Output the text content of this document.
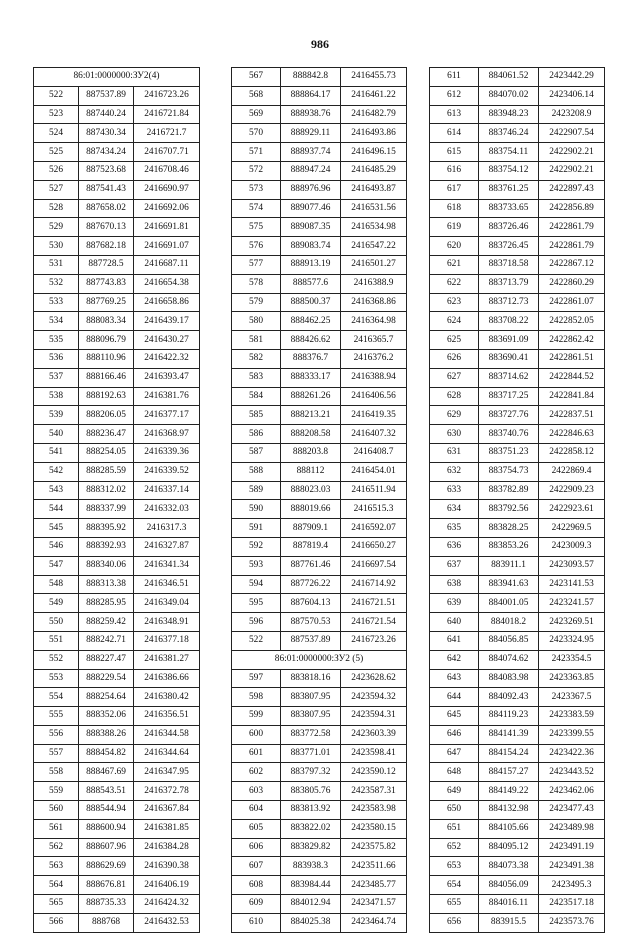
986
86:01:0000000:ЗУ2(4)		
522	887537.89	2416723.26
523	887440.24	2416721.84
524	887430.34	2416721.7
525	887434.24	2416707.71
526	887523.68	2416708.46
527	887541.43	2416690.97
528	887658.02	2416692.06
529	887670.13	2416691.81
530	887682.18	2416691.07
531	887728.5	2416687.11
532	887743.83	2416654.38
533	887769.25	2416658.86
534	888083.34	2416439.17
535	888096.79	2416430.27
536	888110.96	2416422.32
537	888166.46	2416393.47
538	888192.63	2416381.76
539	888206.05	2416377.17
540	888236.47	2416368.97
541	888254.05	2416339.36
542	888285.59	2416339.52
543	888312.02	2416337.14
544	888337.99	2416332.03
545	888395.92	2416317.3
546	888392.93	2416327.87
547	888340.06	2416341.34
548	888313.38	2416346.51
549	888285.95	2416349.04
550	888259.42	2416348.91
551	888242.71	2416377.18
552	888227.47	2416381.27
553	888229.54	2416386.66
554	888254.64	2416380.42
555	888352.06	2416356.51
556	888388.26	2416344.58
557	888454.82	2416344.64
558	888467.69	2416347.95
559	888543.51	2416372.78
560	888544.94	2416367.84
561	888600.94	2416381.85
562	888607.96	2416384.28
563	888629.69	2416390.38
564	888676.81	2416406.19
565	888735.33	2416424.32
566	888768	2416432.53
567	888842.8	2416455.73
568	888864.17	2416461.22
569	888938.76	2416482.79
570	888929.11	2416493.86
571	888937.74	2416496.15
572	888947.24	2416485.29
573	888976.96	2416493.87
574	889077.46	2416531.56
575	889087.35	2416534.98
576	889083.74	2416547.22
577	888913.19	2416501.27
578	888577.6	2416388.9
579	888500.37	2416368.86
580	888462.25	2416364.98
581	888426.62	2416365.7
582	888376.7	2416376.2
583	888333.17	2416388.94
584	888261.26	2416406.56
585	888213.21	2416419.35
586	888208.58	2416407.32
587	888203.8	2416408.7
588	888112	2416454.01
589	888023.03	2416511.94
590	888019.66	2416515.3
591	887909.1	2416592.07
592	887819.4	2416650.27
593	887761.46	2416697.54
594	887726.22	2416714.92
595	887604.13	2416721.51
596	887570.53	2416721.54
522	887537.89	2416723.26
86:01:0000000:ЗУ2 (5)		
597	883818.16	2423628.62
598	883807.95	2423594.32
599	883807.95	2423594.31
600	883772.58	2423603.39
601	883771.01	2423598.41
602	883797.32	2423590.12
603	883805.76	2423587.31
604	883813.92	2423583.98
605	883822.02	2423580.15
606	883829.82	2423575.82
607	883938.3	2423511.66
608	883984.44	2423485.77
609	884012.94	2423471.57
610	884025.38	2423464.74
611	884061.52	2423442.29
612	884070.02	2423406.14
613	883948.23	2423208.9
614	883746.24	2422907.54
615	883754.11	2422902.21
616	883754.12	2422902.21
617	883761.25	2422897.43
618	883733.65	2422856.89
619	883726.46	2422861.79
620	883726.45	2422861.79
621	883718.58	2422867.12
622	883713.79	2422860.29
623	883712.73	2422861.07
624	883708.22	2422852.05
625	883691.09	2422862.42
626	883690.41	2422861.51
627	883714.62	2422844.52
628	883717.25	2422841.84
629	883727.76	2422837.51
630	883740.76	2422846.63
631	883751.23	2422858.12
632	883754.73	2422869.4
633	883782.89	2422909.23
634	883792.56	2422923.61
635	883828.25	2422969.5
636	883853.26	2423009.3
637	883911.1	2423093.57
638	883941.63	2423141.53
639	884001.05	2423241.57
640	884018.2	2423269.51
641	884056.85	2423324.95
642	884074.62	2423354.5
643	884083.98	2423363.85
644	884092.43	2423367.5
645	884119.23	2423383.59
646	884141.39	2423399.55
647	884154.24	2423422.36
648	884157.27	2423443.52
649	884149.22	2423462.06
650	884132.98	2423477.43
651	884105.66	2423489.98
652	884095.12	2423491.19
653	884073.38	2423491.38
654	884056.09	2423495.3
655	884016.11	2423517.18
656	883915.5	2423573.76
